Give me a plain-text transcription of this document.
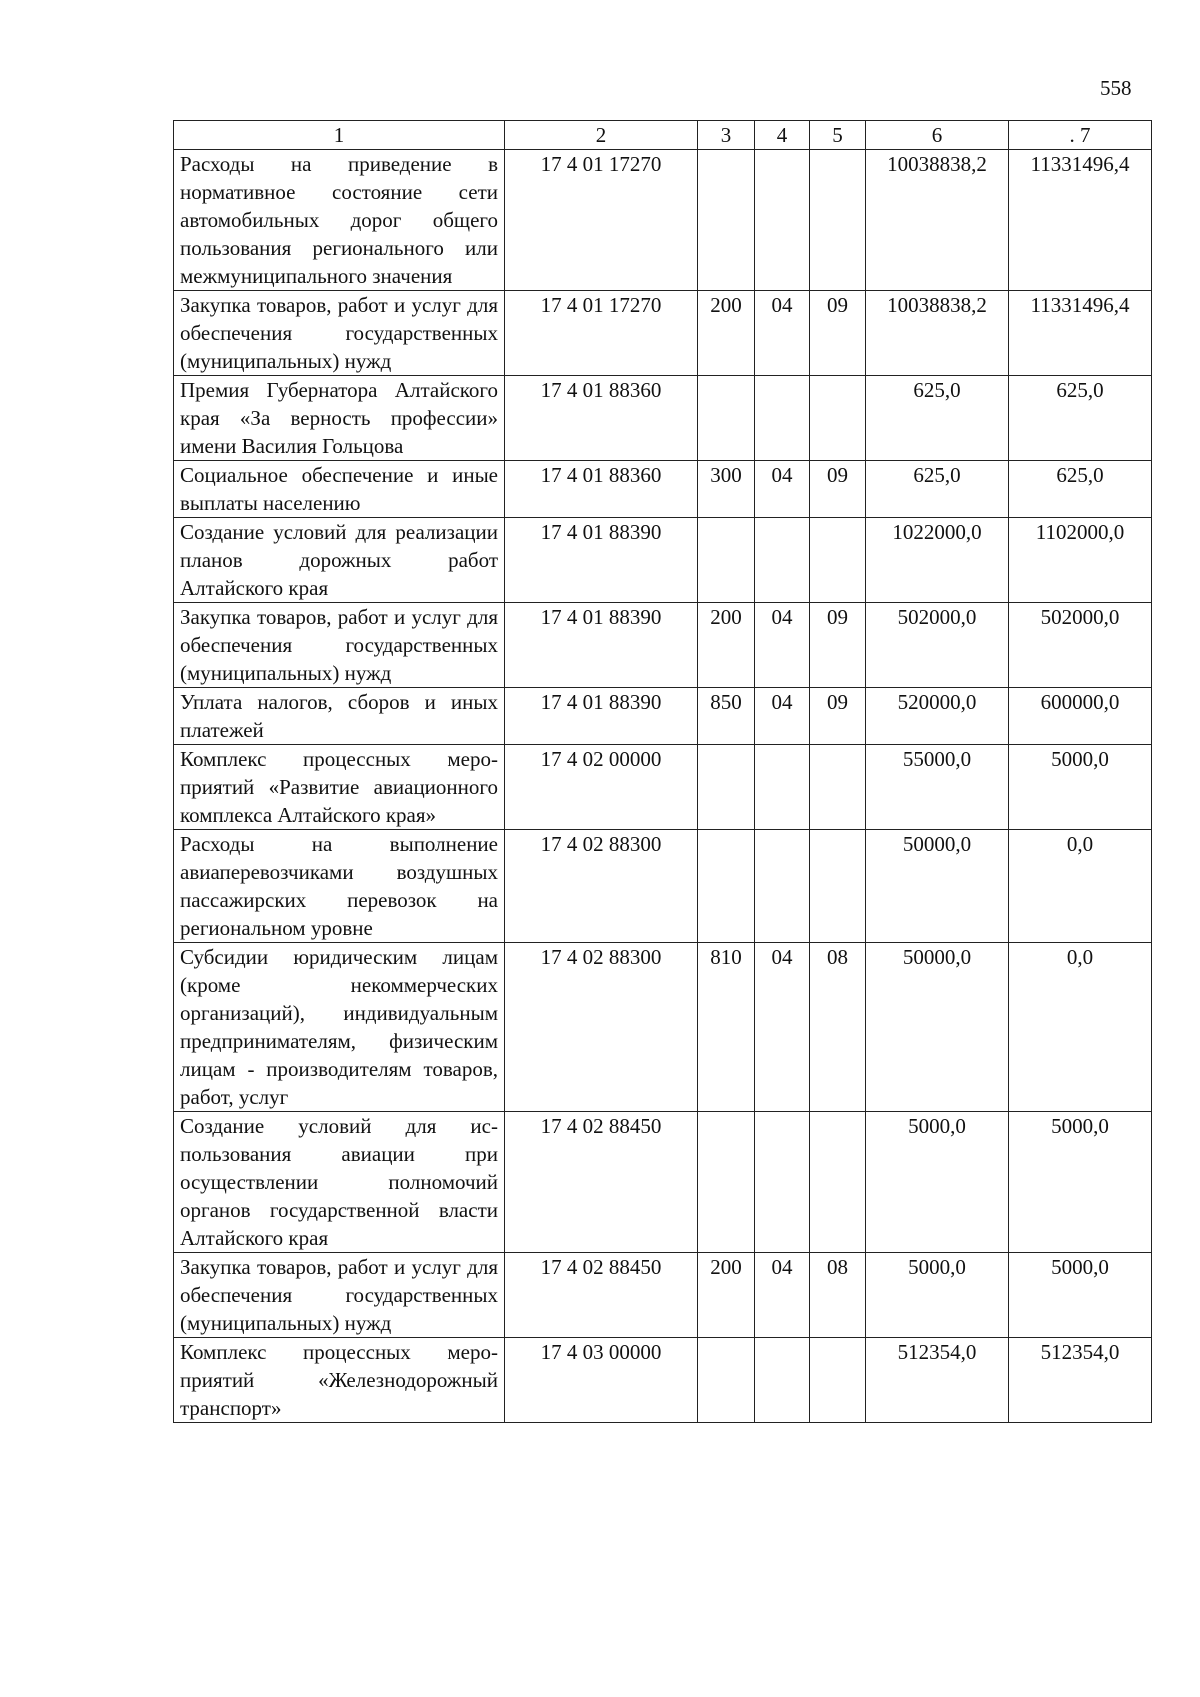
558
1	2	3	4	5	6	. 7
Расходы на приведение в нормативное состояние сети автомобильных дорог общего пользования регионального или межмуниципального значения	17 4 01 17270				10038838,2	11331496,4
Закупка товаров, работ и услуг для обеспечения государственных (муниципальных) нужд	17 4 01 17270	200	04	09	10038838,2	11331496,4
Премия Губернатора Алтайского края «За верность профессии» имени Василия Гольцова	17 4 01 88360				625,0	625,0
Социальное обеспечение и иные выплаты населению	17 4 01 88360	300	04	09	625,0	625,0
Создание условий для реализации планов дорожных работ Алтайского края	17 4 01 88390				1022000,0	1102000,0
Закупка товаров, работ и услуг для обеспечения государственных (муниципальных) нужд	17 4 01 88390	200	04	09	502000,0	502000,0
Уплата налогов, сборов и иных платежей	17 4 01 88390	850	04	09	520000,0	600000,0
Комплекс процессных мероприятий «Развитие авиационного комплекса Алтайского края»	17 4 02 00000				55000,0	5000,0
Расходы на выполнение авиаперевозчиками воздушных пассажирских перевозок на региональном уровне	17 4 02 88300				50000,0	0,0
Субсидии юридическим лицам (кроме некоммерческих организаций), индивидуальным предпринимателям, физическим лицам - производителям товаров, работ, услуг	17 4 02 88300	810	04	08	50000,0	0,0
Создание условий для использования авиации при осуществлении полномочий органов государственной власти Алтайского края	17 4 02 88450				5000,0	5000,0
Закупка товаров, работ и услуг для обеспечения государственных (муниципальных) нужд	17 4 02 88450	200	04	08	5000,0	5000,0
Комплекс процессных мероприятий «Железнодорожный транспорт»	17 4 03 00000				512354,0	512354,0
